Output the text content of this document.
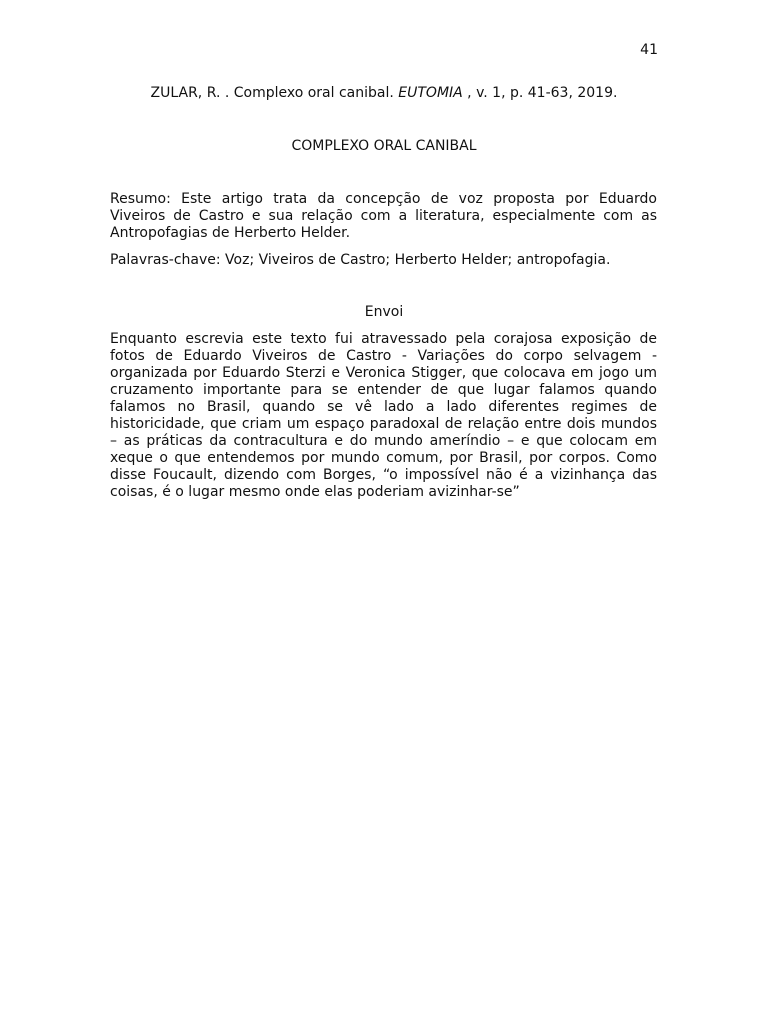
41
ZULAR, R. . Complexo oral canibal. EUTOMIA , v. 1, p. 41-63, 2019.
COMPLEXO ORAL CANIBAL
Resumo: Este artigo trata da concepção de voz proposta por Eduardo Viveiros de Castro e sua relação com a literatura, especialmente com as Antropofagias de Herberto Helder.
Palavras-chave: Voz; Viveiros de Castro; Herberto Helder; antropofagia.
Envoi
Enquanto escrevia este texto fui atravessado pela corajosa exposição de fotos de Eduardo Viveiros de Castro - Variações do corpo selvagem - organizada por Eduardo Sterzi e Veronica Stigger, que colocava em jogo um cruzamento importante para se entender de que lugar falamos quando falamos no Brasil, quando se vê lado a lado diferentes regimes de historicidade, que criam um espaço paradoxal de relação entre dois mundos – as práticas da contracultura e do mundo ameríndio – e que colocam em xeque o que entendemos por mundo comum, por Brasil, por corpos. Como disse Foucault, dizendo com Borges, “o impossível não é a vizinhança das coisas, é o lugar mesmo onde elas poderiam avizinhar-se”
